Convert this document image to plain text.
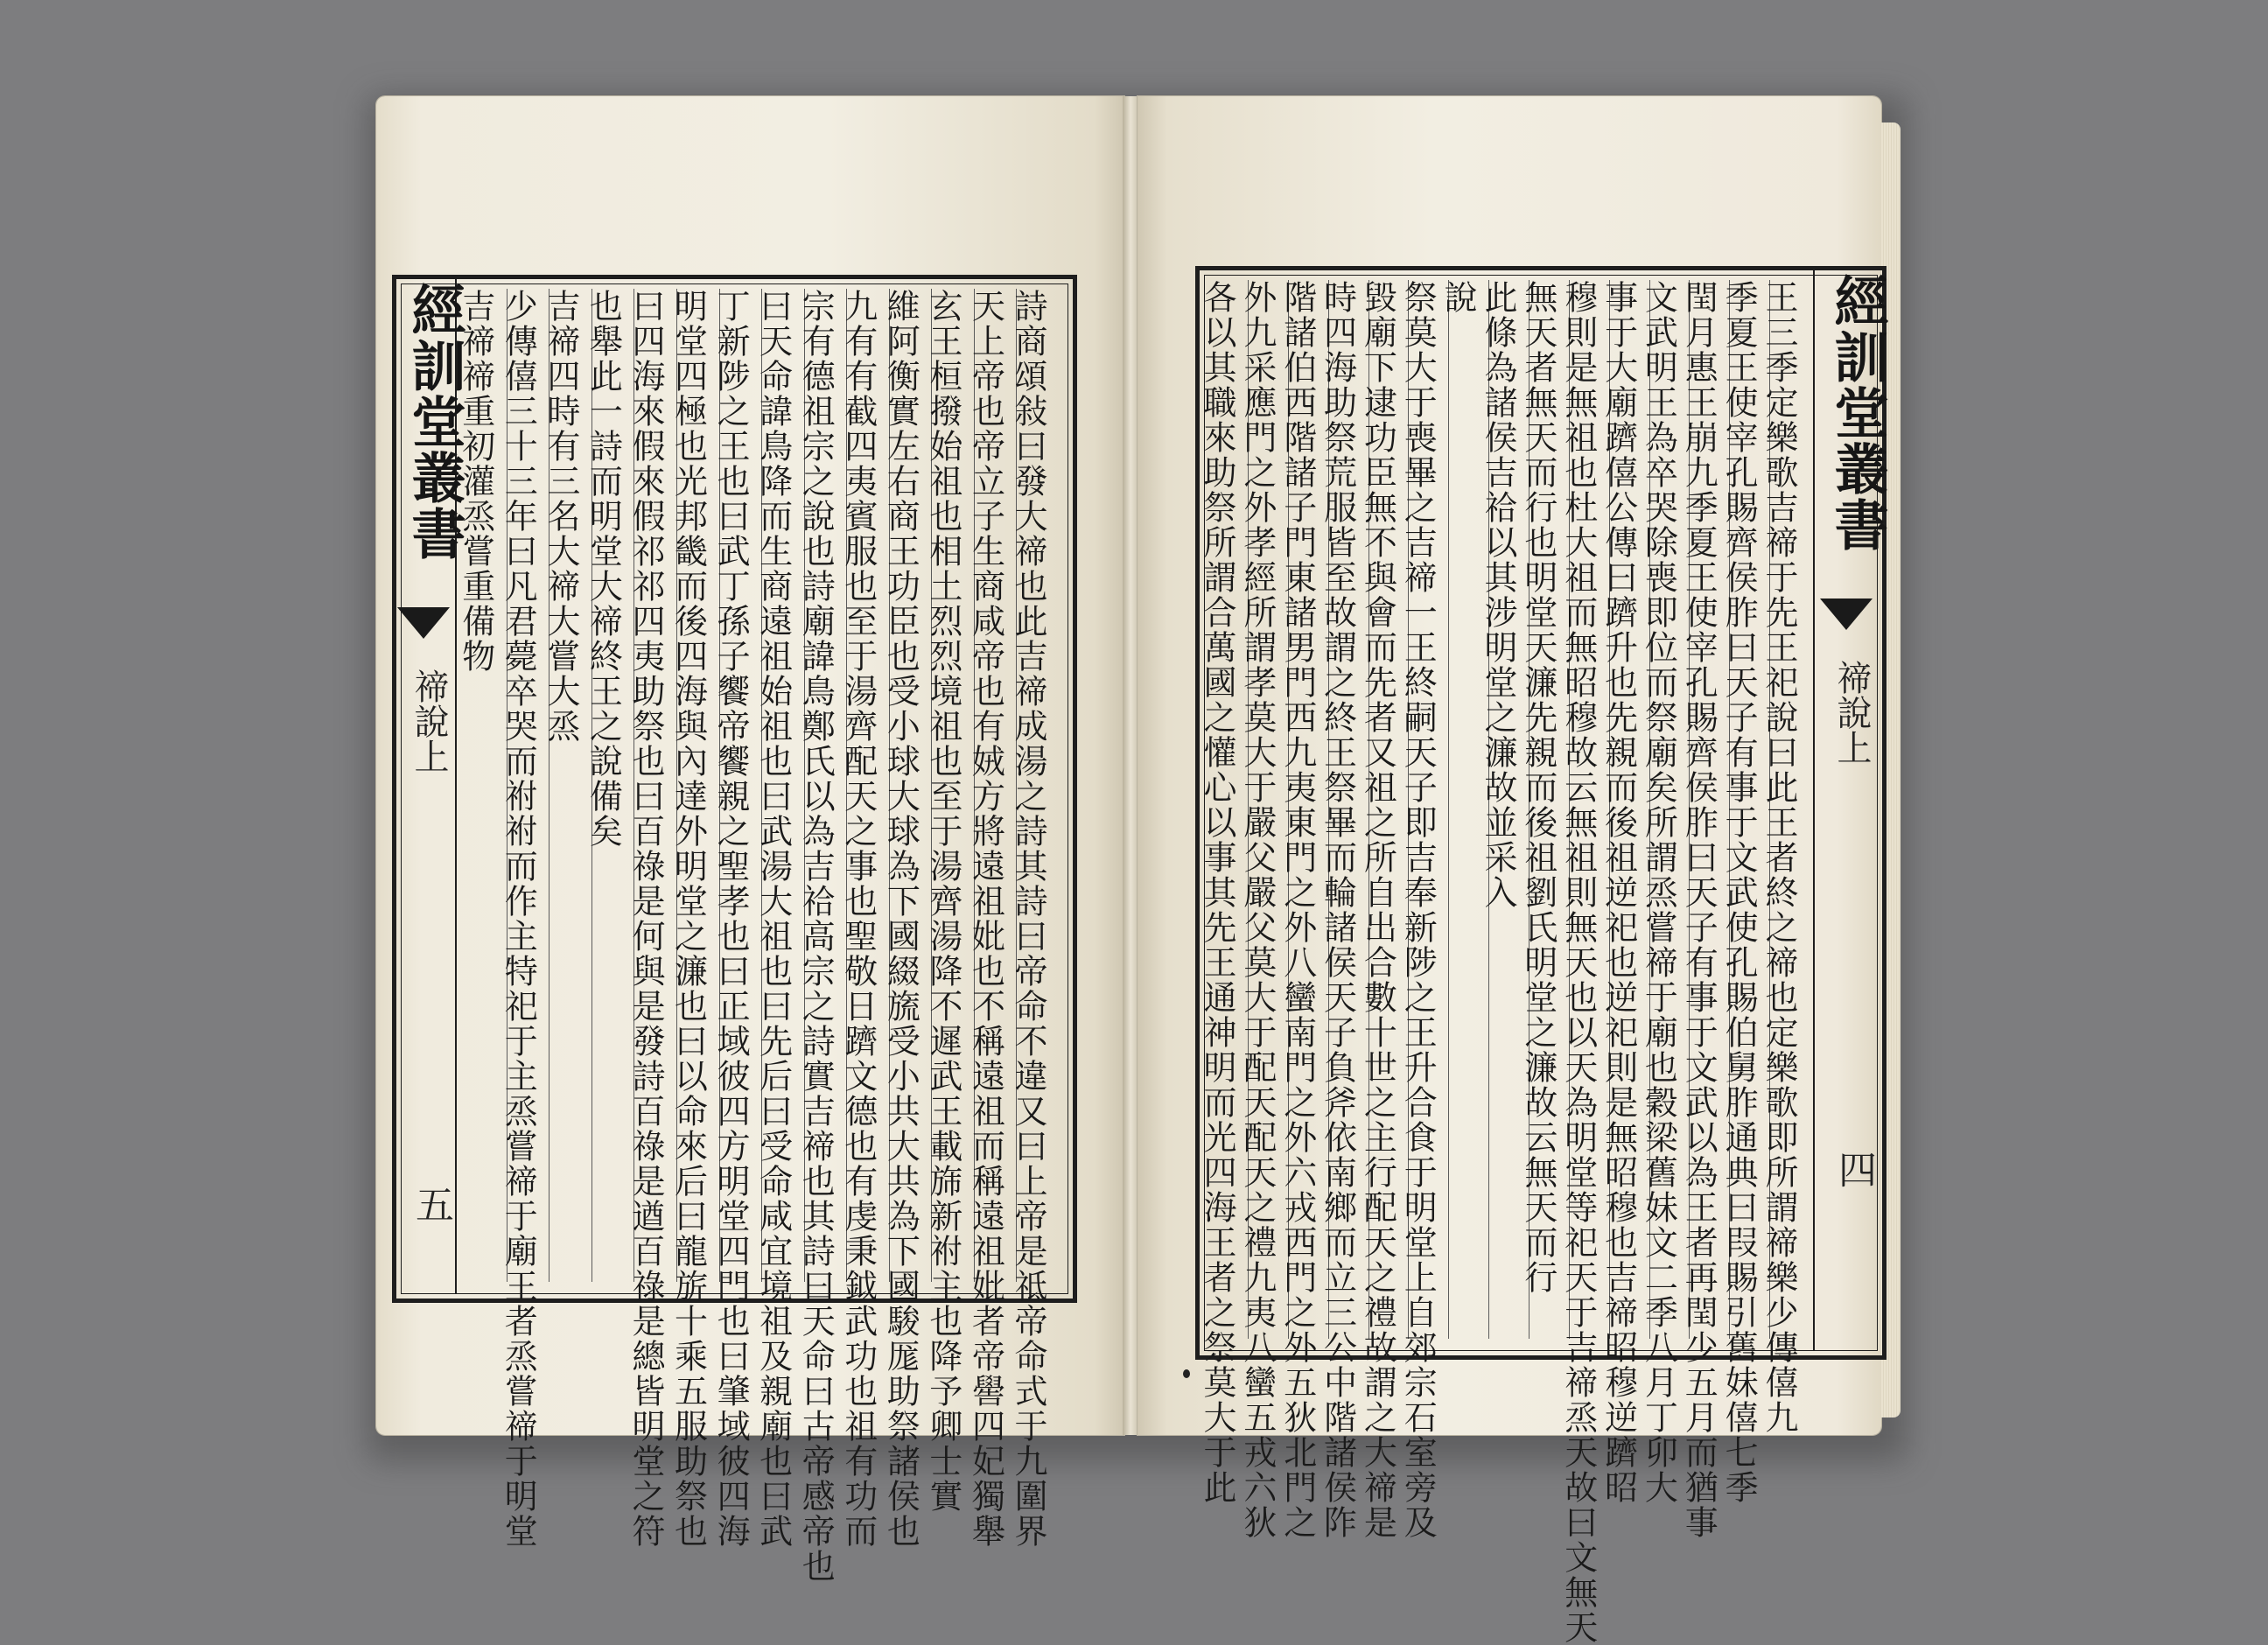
經訓堂叢書
禘說上
五	詩商頌敍曰發大禘也此吉禘成湯之詩其詩曰帝命不違又曰上帝是祗帝命式于九圍界
天上帝也帝立子生商咸帝也有娀方將遠祖妣也不稱遠祖而稱遠祖妣者帝嚳四妃獨舉
玄王桓撥始祖也相土烈烈境祖也至于湯齊湯降不遲武王載旆新祔主也降予卿士實
維阿衡實左右商王功臣也受小球大球為下國綴旒受小共大共為下國駿厖助祭諸侯也
九有有截四夷賓服也至于湯齊配天之事也聖敬日躋文德也有虔秉鉞武功也祖有功而
宗有德祖宗之說也詩廟諱鳥鄭氏以為吉祫高宗之詩實吉禘也其詩曰天命曰古帝感帝也
曰天命諱鳥降而生商遠祖始祖也曰武湯大祖也曰先后曰受命咸宜境祖及親廟也曰武
丁新陟之王也曰武丁孫子饗帝饗親之聖孝也曰正域彼四方明堂四門也曰肇域彼四海
明堂四極也光邦畿而後四海與內達外明堂之濂也曰以命來后曰龍旂十乘五服助祭也
曰四海來假來假祁祁四夷助祭也曰百祿是何與是發詩百祿是遒百祿是總皆明堂之符
也舉此一詩而明堂大禘終王之說備矣
吉禘四時有三名大禘大嘗大烝
少傳僖三十三年曰凡君薨卒哭而祔祔而作主特祀于主烝嘗禘于廟王者烝嘗禘于明堂
吉禘禘重初灌烝嘗重備物	經訓堂叢書
禘說上
四
王三季定樂歌吉禘于先王祀說曰此王者終之禘也定樂歌即所謂禘樂少傳僖九
季夏王使宰孔賜齊侯胙曰天子有事于文武使孔賜伯舅胙通典曰叚賜引舊妹僖七季
閏月惠王崩九季夏王使宰孔賜齊侯胙曰天子有事于文武以為王者再閏少五月而猶事
文武明王為卒哭除喪即位而祭廟矣所謂烝嘗禘于廟也穀梁舊妹文二季八月丁卯大
事于大廟躋僖公傳曰躋升也先親而後祖逆祀也逆祀則是無昭穆也吉禘昭穆逆躋昭
穆則是無祖也杜大祖而無昭穆故云無祖則無天也以天為明堂等祀天于吉禘烝天故曰文無天
無天者無天而行也明堂天濂先親而後祖劉氏明堂之濂故云無天而行
此條為諸侯吉祫以其涉明堂之濂故並采入
說
祭莫大于喪畢之吉禘一王終嗣天子即吉奉新陟之王升合食于明堂上自郊宗石室旁及
毀廟下逮功臣無不與會而先者又祖之所自出合數十世之主行配天之禮故謂之大禘是
時四海助祭荒服皆至故謂之終王祭畢而輪諸侯天子負斧依南鄉而立三公中階諸侯阼
階諸伯西階諸子門東諸男門西九夷東門之外八蠻南門之外六戎西門之外五狄北門之
外九采應門之外孝經所謂孝莫大于嚴父嚴父莫大于配天配天之禮九夷八蠻五戎六狄
各以其職來助祭所謂合萬國之懽心以事其先王通神明而光四海王者之祭莫大于此
